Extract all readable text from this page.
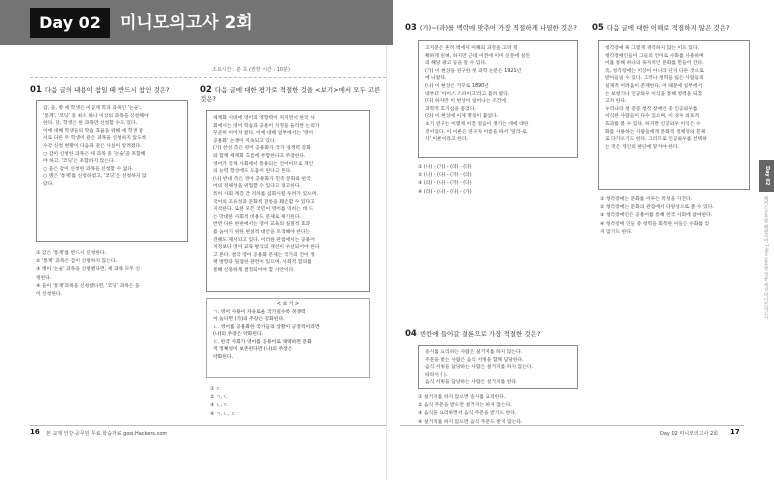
Day 02	미니모의고사 2회
소요시간 : 분 초 (권장 시간 : 10분)
01 다음 글의 내용이 참일 때 반드시 참인 것은?
갑, 을, 병 세 학생은 이공계 학과 과목인 '논술',
'통계', '코딩' 중 최소 하나 이상의 과목을 신청해야
한다. 단, 학생은 한 과목만 신청할 수도 있다.
이에 대해 학생들의 학습 효율을 위해 세 학생 중
서로 다른 두 학생이 같은 과목을 신청하지 않도록
수강 신청 현황이 다음과 같은 사실이 알려졌다.
○ 갑이 신청한 과목은 세 과목 중 '논술'을 포함해
야 하고, '코딩'은 포함하지 않는다.
○ 을은 갑이 신청한 과목을 신청할 수 없다.
○ 병은 '통계'를 신청하였고, '코딩'은 신청하지 않
았다.
① 갑은 '통계'를 반드시 신청한다.
② '통계' 과목은 갑이 신청하지 않는다.
③ 병이 '논술' 과목을 신청했다면, 세 과목 모두 신
청한다.
④ 을이 '통계'과목을 신청했다면, '코딩' 과목은 을
이 신청한다.
02 다음 글에 대한 평가로 적절한 것을 <보기>에서 모두 고른 것은?
세계화 시대에 영어의 영향력이 커지면서 한국 사
회에서는 영어 학습과 공용어 지정을 둘러싼 논의가
꾸준히 이어져 왔다. 이에 대해 일부에서는 '영어
공용화' 논쟁이 지속되고 있다.
(가) 찬성 측은 영어 공용화가 국가 경쟁력 강화
와 함께 세계화 흐름에 부합한다고 주장한다.
영어가 국제 사회에서 통용되는 언어이므로 개인
의 능력 향상에도 도움이 된다고 본다.
(나) 반대 측은 영어 공용화가 민족 문화와 한국
어의 정체성을 위협할 수 있다고 경고한다.
특히 사회 계층 간 격차를 심화시킬 우려가 있으며,
국어의 고유성과 문화적 전통을 훼손할 수 있다고
지적한다. 또한 모든 국민이 영어를 익히는 데 드
는 막대한 사회적 비용도 문제로 제기된다.
반면 다른 한편에서는 영어 교육의 실질적 효과
를 높이기 위한 현실적 대안을 모색해야 한다는
견해도 제시되고 있다. 이러한 관점에서는 공용어
지정보다 영어 교육 방식의 개선이 우선되어야 한다
고 본다. 결국 영어 공용화 문제는 국가의 언어 정
책 방향과 밀접한 관련이 있으며, 사회적 합의를
통해 신중하게 결정되어야 할 사안이다.
< 보 기 >
ㄱ. 영어 사용이 자유로운 국가일수록 경쟁력
이 높다면 (가)의 주장은 강화된다.
ㄴ. 영어를 공용화한 국가들의 상황이 긍정적이라면
(나)의 주장은 약화된다.
ㄷ. 한국 사회가 영어를 공용어로 채택하면 문화
적 정체성이 보존된다면 (나)의 주장은
약화된다.
① ㄷ
② ㄱ, ㄴ
③ ㄴ, ㄷ
④ ㄱ, ㄴ, ㄷ
16 본 교재 인강·공무원 무료 학습자료 gosi.Hackers.com
03 (가)~(라)를 맥락에 맞추어 가장 적절하게 나열한 것은?
고지문은 흔히 벽에서 이해의 과정을 고려 정
확하게 읽혀, 하지만 근대 이전에 이미 신문에 실린
의 해당 광고 등을 알 수 있다.
(가) 이 현상을 연구한 첫 과학 논문은 1921년
에 나왔다.
(나) 이 현상은 거꾸로 1890년
대부터 '아이스 스파이크'라고 불려 왔다.
(다) 하지만 이 현상이 일어나는 조건에
과학적 호기심을 품었다.
(라) 이 현상에 이제 명칭이 붙었다.
초기 연구는 이렇게 이전 얼음이 생기는 데에 대한
것이었다. 이 이론은 연구자 이름을 따서 '얼리-로
사' 이론이라고 한다.
① (나) - (가) - (라) - (다)
② (나) - (다) - (가) - (라)
③ (라) - (나) - (가) - (다)
④ (라) - (나) - (다) - (가)
04 빈칸에 들어갈 결론으로 가장 적절한 것은?
송시를 요리하는 사람은 설거지를 하지 않는다.
주문을 받는 사람은 음식 서빙을 함께 담당한다.
음식 서빙을 담당하는 사람은 설거지를 하지 않는다.
따라서 ( ).
음식 서빙을 담당하는 사람은 설거지를 한다.
① 설거지를 하지 않으면 송시를 요리한다.
② 음식 주문을 받으면 설거지는 하지 않는다.
③ 음식을 요리하면서 음식 주문을 받기도 한다.
④ 설거지를 하지 않으면 음식 주문도 받지 않는다.
05 다음 글에 대한 이해로 적절하지 않은 것은?
청각장애 혹 그렇게 생각하지 않는 이도 있다.
청각장애인들이 그들의 언어로 수화를 사용하며
이를 통해 하나의 독자적인 문화를 만들어 간다.
즉, 청각장애는 이상이 아니라 단지 다른 것으로
받아들일 수 있다. 그러나 청력을 잃은 사람들의
실제적 어려움이 존재한다. 이 때문에 일부에서
는 보청기나 인공와우 이식을 통해 청력을 되찾
고자 한다.
우리나라 청 중증 청각 장애인 중 인공와우를
이식한 사람들이 다수 있으며, 이 경우 의료적
효과를 볼 수 있다. 하지만 인공와우 이식은 수
화를 사용하는 사람들에게 문화적 정체성의 문제
로 다가오기도 한다. 그러므로 인공와우를 선택하
는 것은 개인의 판단에 맡겨야 한다.
① 청각장애는 문화를 이루는 특성을 가진다.
② 청각장애는 문화의 관점에서 다양성으로 볼 수 있다.
③ 청각장애인은 공용어를 통해 한국 사회에 참여한다.
④ 청각장애 인들 중 청력을 회복한 이들은 수화를 잊
지 않기도 한다.
Day 02
해커스공무원 혜원국어 7·9급 공무원 적중 예상 미니모의고사
Day 02 미니모의고사 2회 17
